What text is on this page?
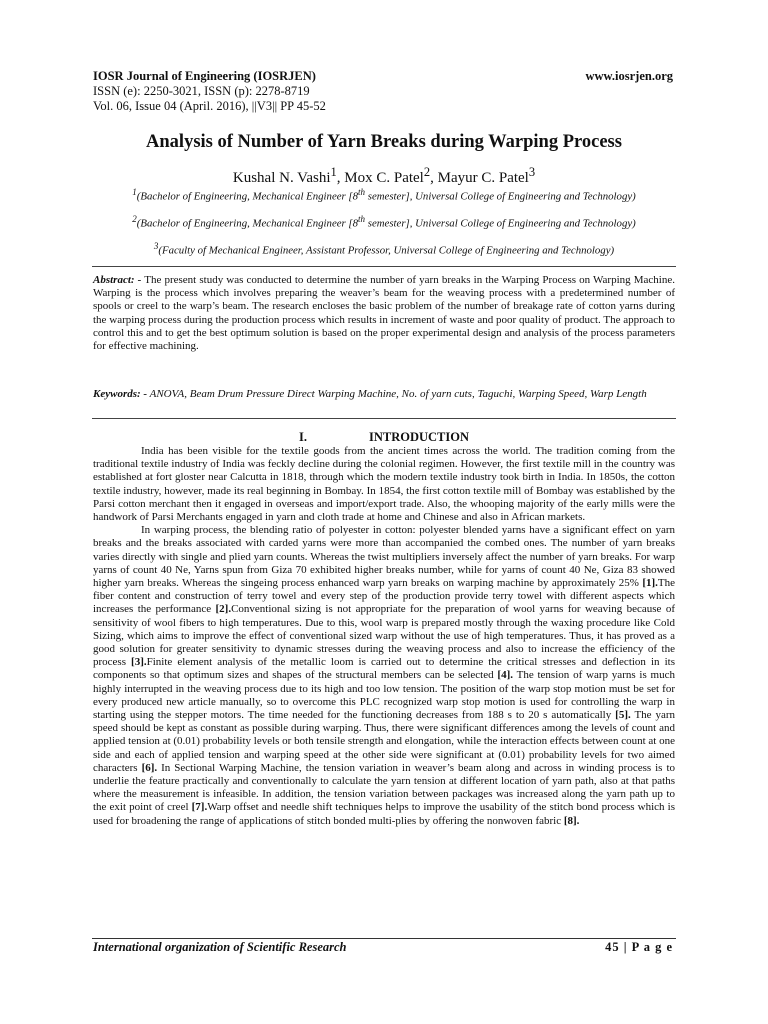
IOSR Journal of Engineering (IOSRJEN)	www.iosrjen.org
ISSN (e): 2250-3021, ISSN (p): 2278-8719
Vol. 06, Issue 04 (April. 2016), ||V3|| PP 45-52
Analysis of Number of Yarn Breaks during Warping Process
Kushal N. Vashi$^1$, Mox C. Patel$^2$, Mayur C. Patel$^3$
$^1$(Bachelor of Engineering, Mechanical Engineer [8th semester], Universal College of Engineering and Technology)
$^2$(Bachelor of Engineering, Mechanical Engineer [8th semester], Universal College of Engineering and Technology)
$^3$(Faculty of Mechanical Engineer, Assistant Professor, Universal College of Engineering and Technology)
Abstract: - The present study was conducted to determine the number of yarn breaks in the Warping Process on Warping Machine. Warping is the process which involves preparing the weaver’s beam for the weaving process with a predetermined number of spools or creel to the warp’s beam. The research encloses the basic problem of the number of breakage rate of cotton yarns during the warping process during the production process which results in increment of waste and poor quality of product. The approach to control this and to get the best optimum solution is based on the proper experimental design and analysis of the process parameters for effective machining.
Keywords: - ANOVA, Beam Drum Pressure Direct Warping Machine, No. of yarn cuts, Taguchi, Warping Speed, Warp Length
I.	INTRODUCTION

India has been visible for the textile goods from the ancient times across the world. The tradition coming from the traditional textile industry of India was feckly decline during the colonial regimen. However, the first textile mill in the country was established at fort gloster near Calcutta in 1818, through which the modern textile industry took birth in India. In 1850s, the cotton textile industry, however, made its real beginning in Bombay. In 1854, the first cotton textile mill of Bombay was established by the Parsi cotton merchant then it engaged in overseas and import/export trade. Also, the whooping majority of the early mills were the handwork of Parsi Merchants engaged in yarn and cloth trade at home and Chinese and also in African markets.

In warping process, the blending ratio of polyester in cotton: polyester blended yarns have a significant effect on yarn breaks and the breaks associated with carded yarns were more than accompanied the combed ones. The number of yarn breaks varies directly with single and plied yarn counts. Whereas the twist multipliers inversely affect the number of yarn breaks. For warp yarns of count 40 Ne, Yarns spun from Giza 70 exhibited higher breaks number, while for yarns of count 40 Ne, Giza 83 showed higher yarn breaks. Whereas the singeing process enhanced warp yarn breaks on warping machine by approximately 25% [1].The fiber content and construction of terry towel and every step of the production provide terry towel with different aspects which increases the performance [2].Conventional sizing is not appropriate for the preparation of wool yarns for weaving because of sensitivity of wool fibers to high temperatures. Due to this, wool warp is prepared mostly through the waxing procedure like Cold Sizing, which aims to improve the effect of conventional sized warp without the use of high temperatures. Thus, it has proved as a good solution for greater sensitivity to dynamic stresses during the weaving process and also to increase the efficiency of the process [3].Finite element analysis of the metallic loom is carried out to determine the critical stresses and deflection in its components so that optimum sizes and shapes of the structural members can be selected [4]. The tension of warp yarns is much highly interrupted in the weaving process due to its high and too low tension. The position of the warp stop motion must be set for every produced new article manually, so to overcome this PLC recognized warp stop motion is used for controlling the warp in starting using the stepper motors. The time needed for the functioning decreases from 188 s to 20 s automatically [5]. The yarn speed should be kept as constant as possible during warping. Thus, there were significant differences among the levels of count and applied tension at (0.01) probability levels or both tensile strength and elongation, while the interaction effects between count at one side and each of applied tension and warping speed at the other side were significant at (0.01) probability levels for two aimed characters [6]. In Sectional Warping Machine, the tension variation in weaver’s beam along and across in winding process is to underlie the feature practically and conventionally to calculate the yarn tension at different location of yarn path, also at that paths where the measurement is infeasible. In addition, the tension variation between packages was increased along the yarn path up to the exit point of creel [7].Warp offset and needle shift techniques helps to improve the usability of the stitch bond process which is used for broadening the range of applications of stitch bonded multi-plies by offering the nonwoven fabric [8].

International organization of Scientific Research	45 | P a g e
